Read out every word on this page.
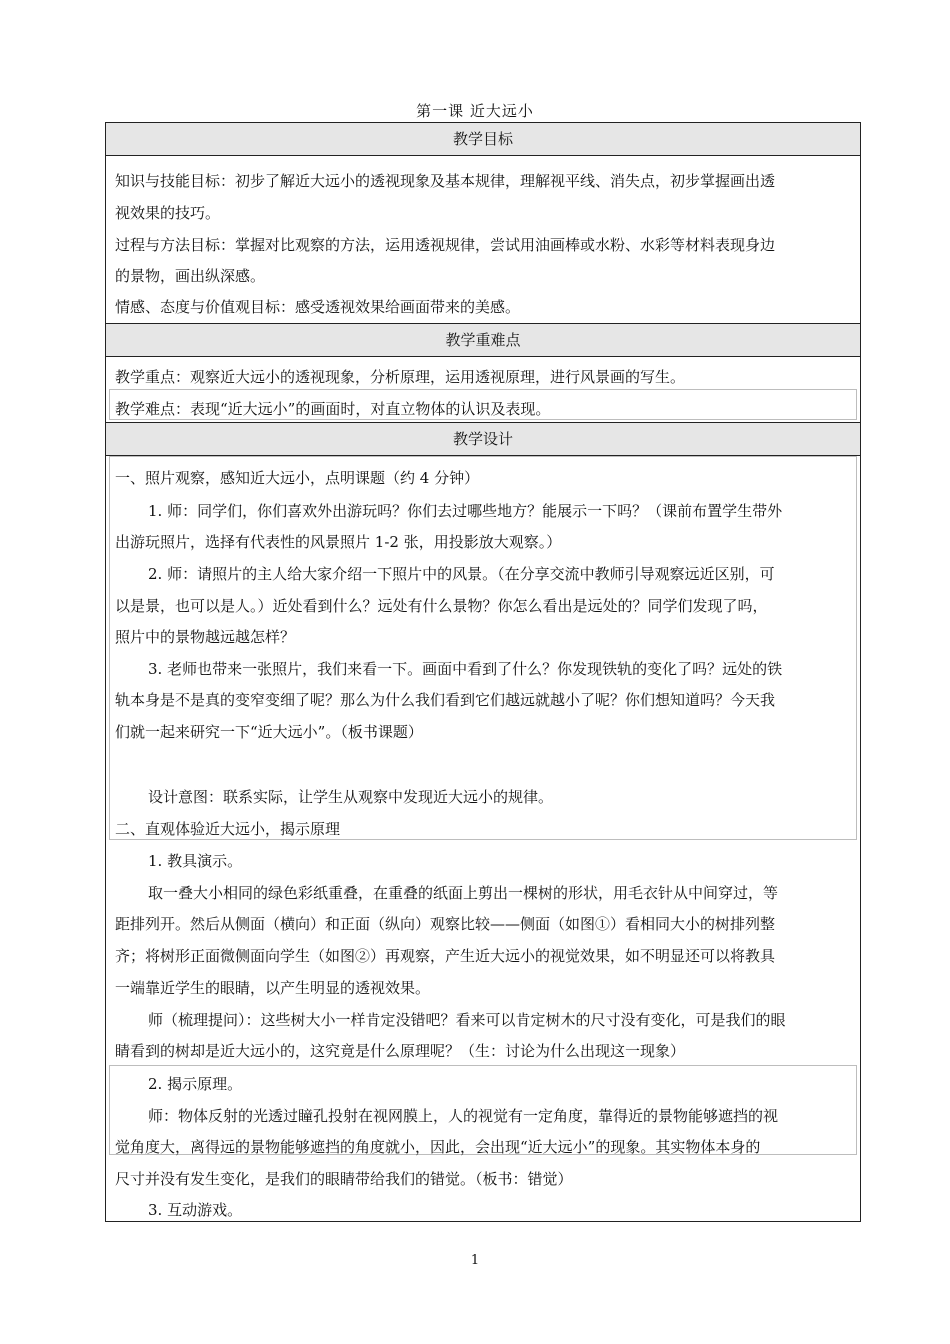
第一课 近大远小
教学目标
知识与技能目标：初步了解近大远小的透视现象及基本规律，理解视平线、消失点，初步掌握画出透
视效果的技巧。
过程与方法目标：掌握对比观察的方法，运用透视规律，尝试用油画棒或水粉、水彩等材料表现身边
的景物，画出纵深感。
情感、态度与价值观目标：感受透视效果给画面带来的美感。
教学重难点
教学重点：观察近大远小的透视现象，分析原理，运用透视原理，进行风景画的写生。
教学难点：表现“近大远小”的画面时，对直立物体的认识及表现。
教学设计
一、照片观察，感知近大远小，点明课题（约 4 分钟）
1. 师：同学们，你们喜欢外出游玩吗？你们去过哪些地方？能展示一下吗？（课前布置学生带外
出游玩照片，选择有代表性的风景照片 1-2 张，用投影放大观察。）
2. 师：请照片的主人给大家介绍一下照片中的风景。（在分享交流中教师引导观察远近区别，可
以是景，也可以是人。）近处看到什么？远处有什么景物？你怎么看出是远处的？同学们发现了吗，
照片中的景物越远越怎样？
3. 老师也带来一张照片，我们来看一下。画面中看到了什么？你发现铁轨的变化了吗？远处的铁
轨本身是不是真的变窄变细了呢？那么为什么我们看到它们越远就越小了呢？你们想知道吗？今天我
们就一起来研究一下“近大远小”。（板书课题）
设计意图：联系实际，让学生从观察中发现近大远小的规律。
二、直观体验近大远小，揭示原理
1. 教具演示。
取一叠大小相同的绿色彩纸重叠，在重叠的纸面上剪出一棵树的形状，用毛衣针从中间穿过，等
距排列开。然后从侧面（横向）和正面（纵向）观察比较——侧面（如图①）看相同大小的树排列整
齐；将树形正面微侧面向学生（如图②）再观察，产生近大远小的视觉效果，如不明显还可以将教具
一端靠近学生的眼睛，以产生明显的透视效果。
师（梳理提问）：这些树大小一样肯定没错吧？看来可以肯定树木的尺寸没有变化，可是我们的眼
睛看到的树却是近大远小的，这究竟是什么原理呢？（生：讨论为什么出现这一现象）
2. 揭示原理。
师：物体反射的光透过瞳孔投射在视网膜上，人的视觉有一定角度，靠得近的景物能够遮挡的视
觉角度大，离得远的景物能够遮挡的角度就小，因此，会出现“近大远小”的现象。其实物体本身的
尺寸并没有发生变化，是我们的眼睛带给我们的错觉。（板书：错觉）
3. 互动游戏。
1
